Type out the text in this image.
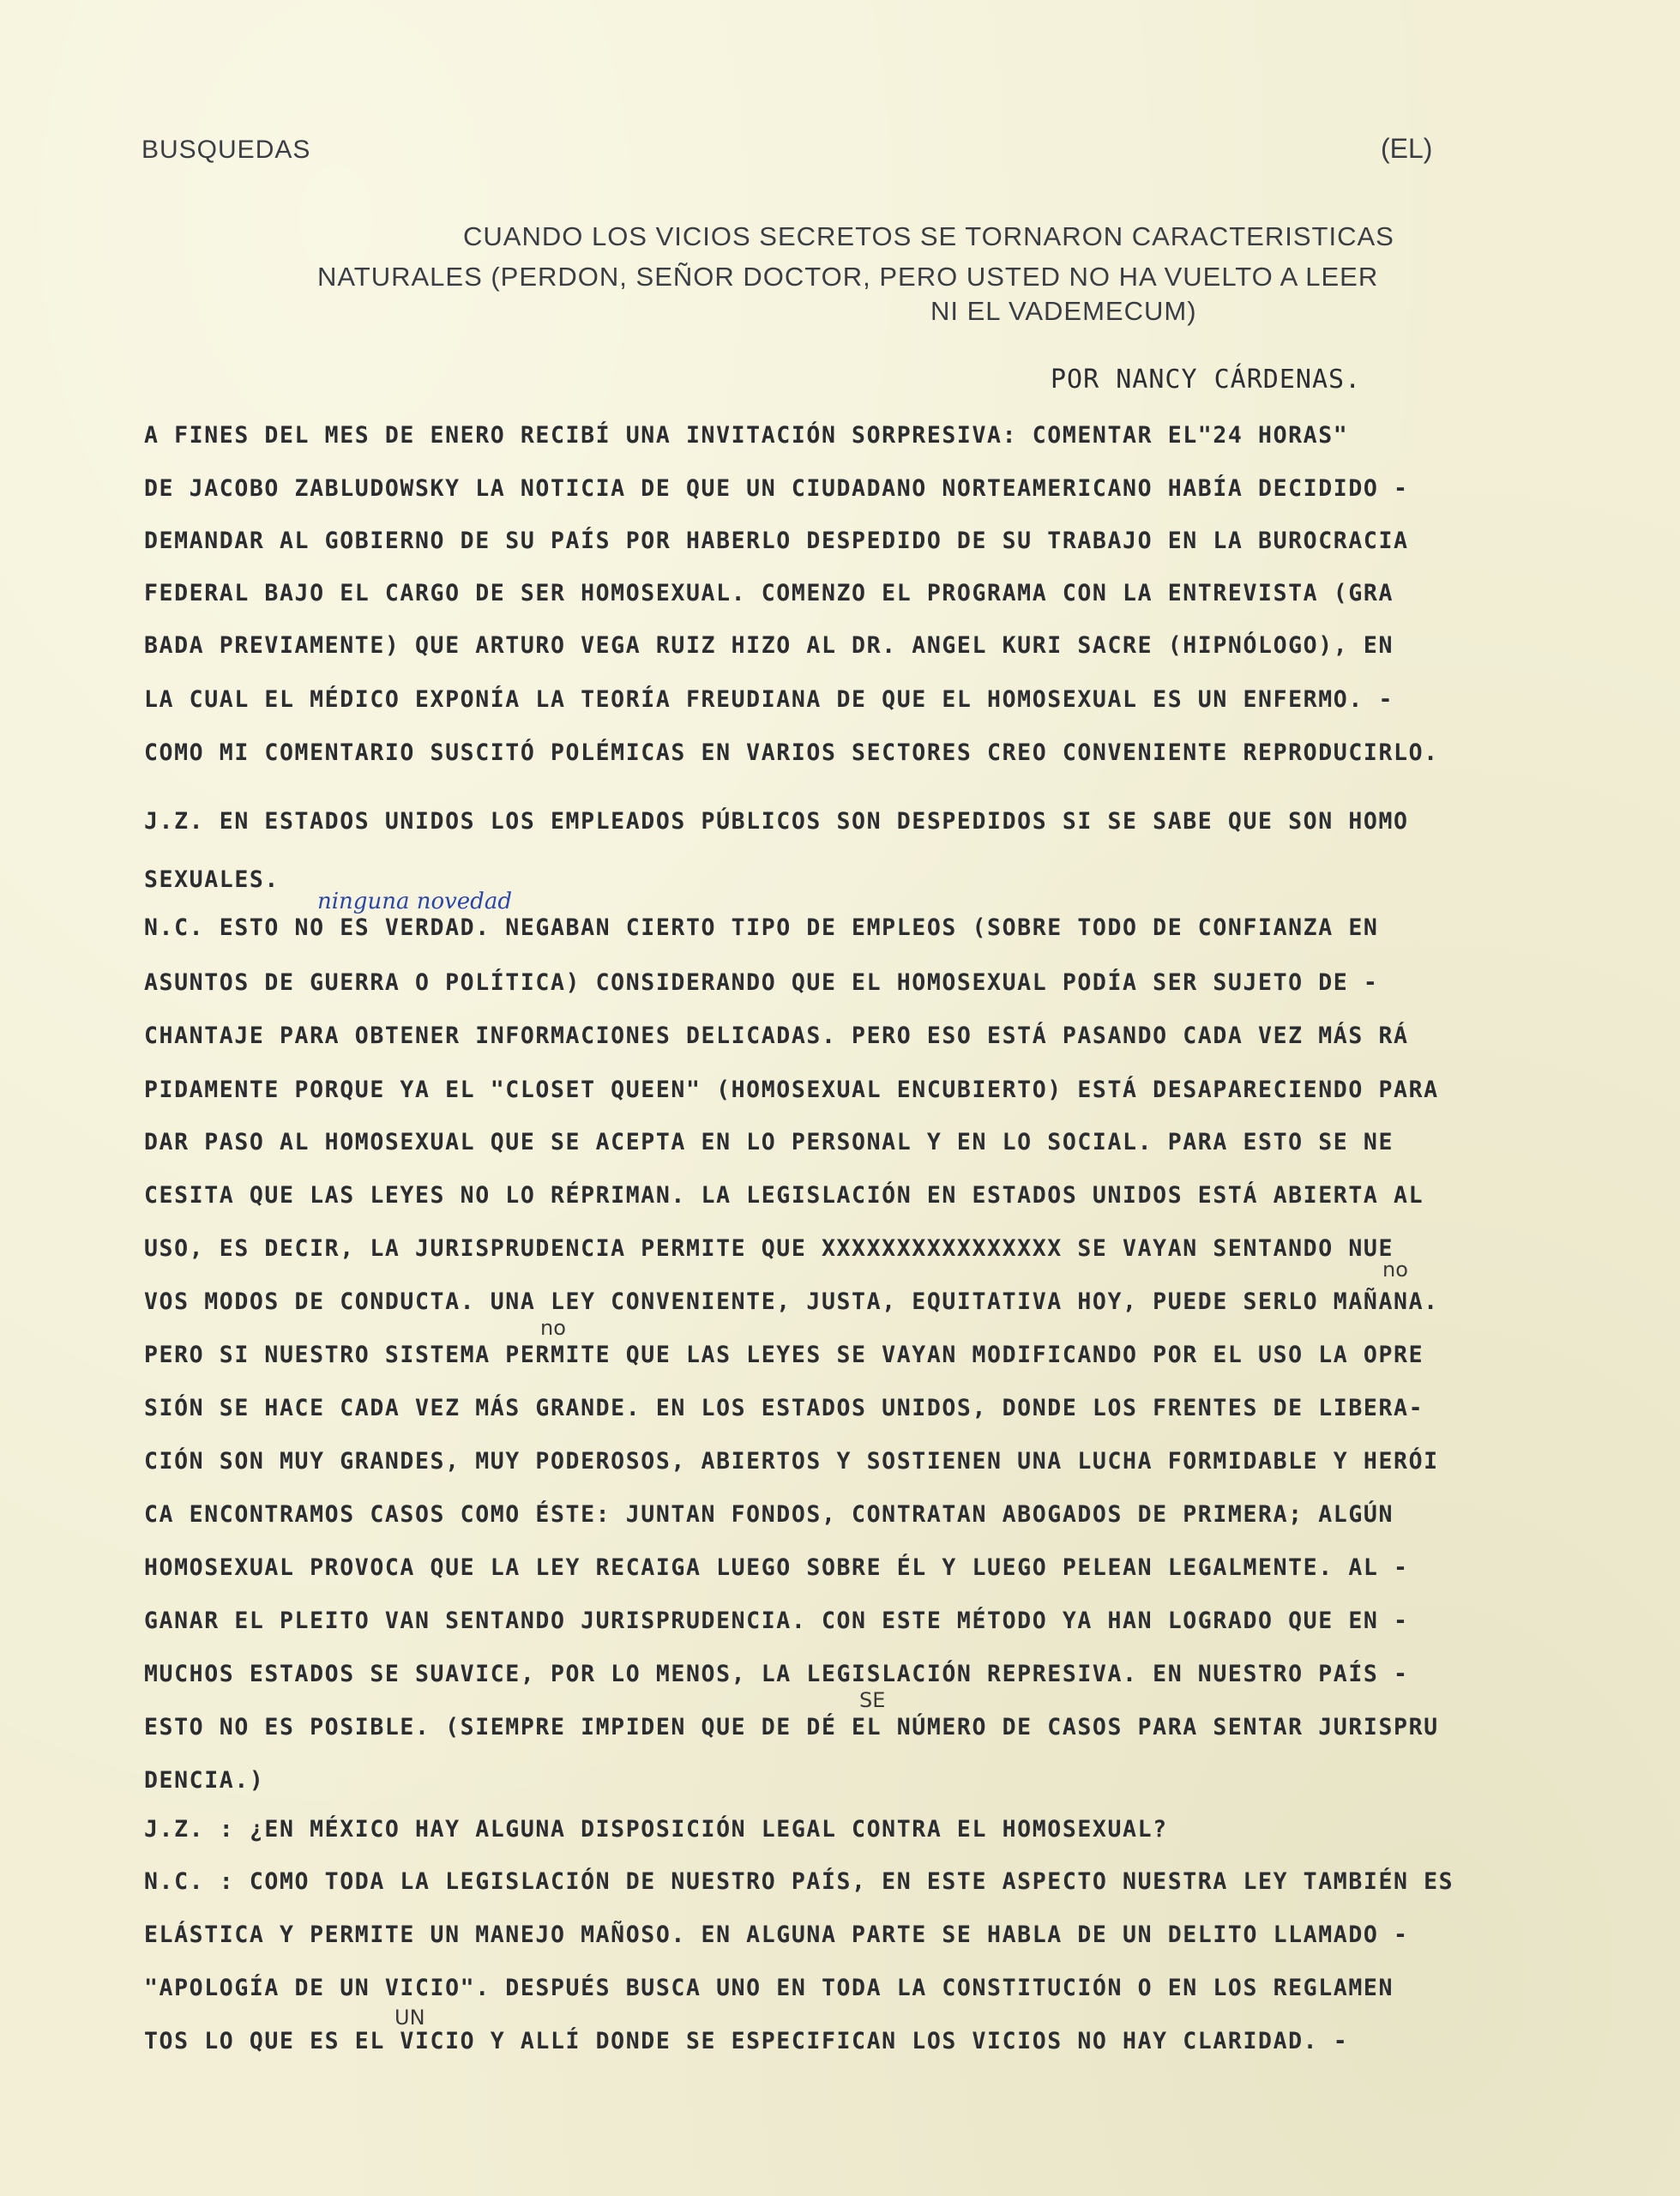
BUSQUEDAS	(EL)
CUANDO LOS VICIOS SECRETOS SE TORNARON CARACTERISTICAS
NATURALES (PERDON, SEÑOR DOCTOR, PERO USTED NO HA VUELTO A LEER
NI EL VADEMECUM)
POR NANCY CÁRDENAS.
A FINES DEL MES DE ENERO RECIBÍ UNA INVITACIÓN SORPRESIVA: COMENTAR EL"24 HORAS"
DE JACOBO ZABLUDOWSKY LA NOTICIA DE QUE UN CIUDADANO NORTEAMERICANO HABÍA DECIDIDO -
DEMANDAR AL GOBIERNO DE SU PAÍS POR HABERLO DESPEDIDO DE SU TRABAJO EN LA BUROCRACIA
FEDERAL BAJO EL CARGO DE SER HOMOSEXUAL. COMENZO EL PROGRAMA CON LA ENTREVISTA (GRA
BADA PREVIAMENTE) QUE ARTURO VEGA RUIZ HIZO AL DR. ANGEL KURI SACRE (HIPNÓLOGO), EN
LA CUAL EL MÉDICO EXPONÍA LA TEORÍA FREUDIANA DE QUE EL HOMOSEXUAL ES UN ENFERMO. -
COMO MI COMENTARIO SUSCITÓ POLÉMICAS EN VARIOS SECTORES CREO CONVENIENTE REPRODUCIRLO.
J.Z. EN ESTADOS UNIDOS LOS EMPLEADOS PÚBLICOS SON DESPEDIDOS SI SE SABE QUE SON HOMO
SEXUALES.
N.C. ESTO NO ES VERDAD. NEGABAN CIERTO TIPO DE EMPLEOS (SOBRE TODO DE CONFIANZA EN
ASUNTOS DE GUERRA O POLÍTICA) CONSIDERANDO QUE EL HOMOSEXUAL PODÍA SER SUJETO DE -
CHANTAJE PARA OBTENER INFORMACIONES DELICADAS. PERO ESO ESTÁ PASANDO CADA VEZ MÁS RÁ
PIDAMENTE PORQUE YA EL "CLOSET QUEEN" (HOMOSEXUAL ENCUBIERTO) ESTÁ DESAPARECIENDO PARA
DAR PASO AL HOMOSEXUAL QUE SE ACEPTA EN LO PERSONAL Y EN LO SOCIAL. PARA ESTO SE NE
CESITA QUE LAS LEYES NO LO RÉPRIMAN. LA LEGISLACIÓN EN ESTADOS UNIDOS ESTÁ ABIERTA AL
USO, ES DECIR, LA JURISPRUDENCIA PERMITE QUE XXXXXXXXXXXXXXXX SE VAYAN SENTANDO NUE
VOS MODOS DE CONDUCTA. UNA LEY CONVENIENTE, JUSTA, EQUITATIVA HOY, PUEDE SERLO MAÑANA.
PERO SI NUESTRO SISTEMA PERMITE QUE LAS LEYES SE VAYAN MODIFICANDO POR EL USO LA OPRE
SIÓN SE HACE CADA VEZ MÁS GRANDE. EN LOS ESTADOS UNIDOS, DONDE LOS FRENTES DE LIBERA-
CIÓN SON MUY GRANDES, MUY PODEROSOS, ABIERTOS Y SOSTIENEN UNA LUCHA FORMIDABLE Y HERÓI
CA ENCONTRAMOS CASOS COMO ÉSTE: JUNTAN FONDOS, CONTRATAN ABOGADOS DE PRIMERA; ALGÚN
HOMOSEXUAL PROVOCA QUE LA LEY RECAIGA LUEGO SOBRE ÉL Y LUEGO PELEAN LEGALMENTE. AL -
GANAR EL PLEITO VAN SENTANDO JURISPRUDENCIA. CON ESTE MÉTODO YA HAN LOGRADO QUE EN -
MUCHOS ESTADOS SE SUAVICE, POR LO MENOS, LA LEGISLACIÓN REPRESIVA. EN NUESTRO PAÍS -
ESTO NO ES POSIBLE. (SIEMPRE IMPIDEN QUE DE DÉ EL NÚMERO DE CASOS PARA SENTAR JURISPRU
DENCIA.)
J.Z. : ¿EN MÉXICO HAY ALGUNA DISPOSICIÓN LEGAL CONTRA EL HOMOSEXUAL?
N.C. : COMO TODA LA LEGISLACIÓN DE NUESTRO PAÍS, EN ESTE ASPECTO NUESTRA LEY TAMBIÉN ES
ELÁSTICA Y PERMITE UN MANEJO MAÑOSO. EN ALGUNA PARTE SE HABLA DE UN DELITO LLAMADO -
"APOLOGÍA DE UN VICIO". DESPUÉS BUSCA UNO EN TODA LA CONSTITUCIÓN O EN LOS REGLAMEN
TOS LO QUE ES EL VICIO Y ALLÍ DONDE SE ESPECIFICAN LOS VICIOS NO HAY CLARIDAD. -
ninguna novedad
no
no
SE
UN
